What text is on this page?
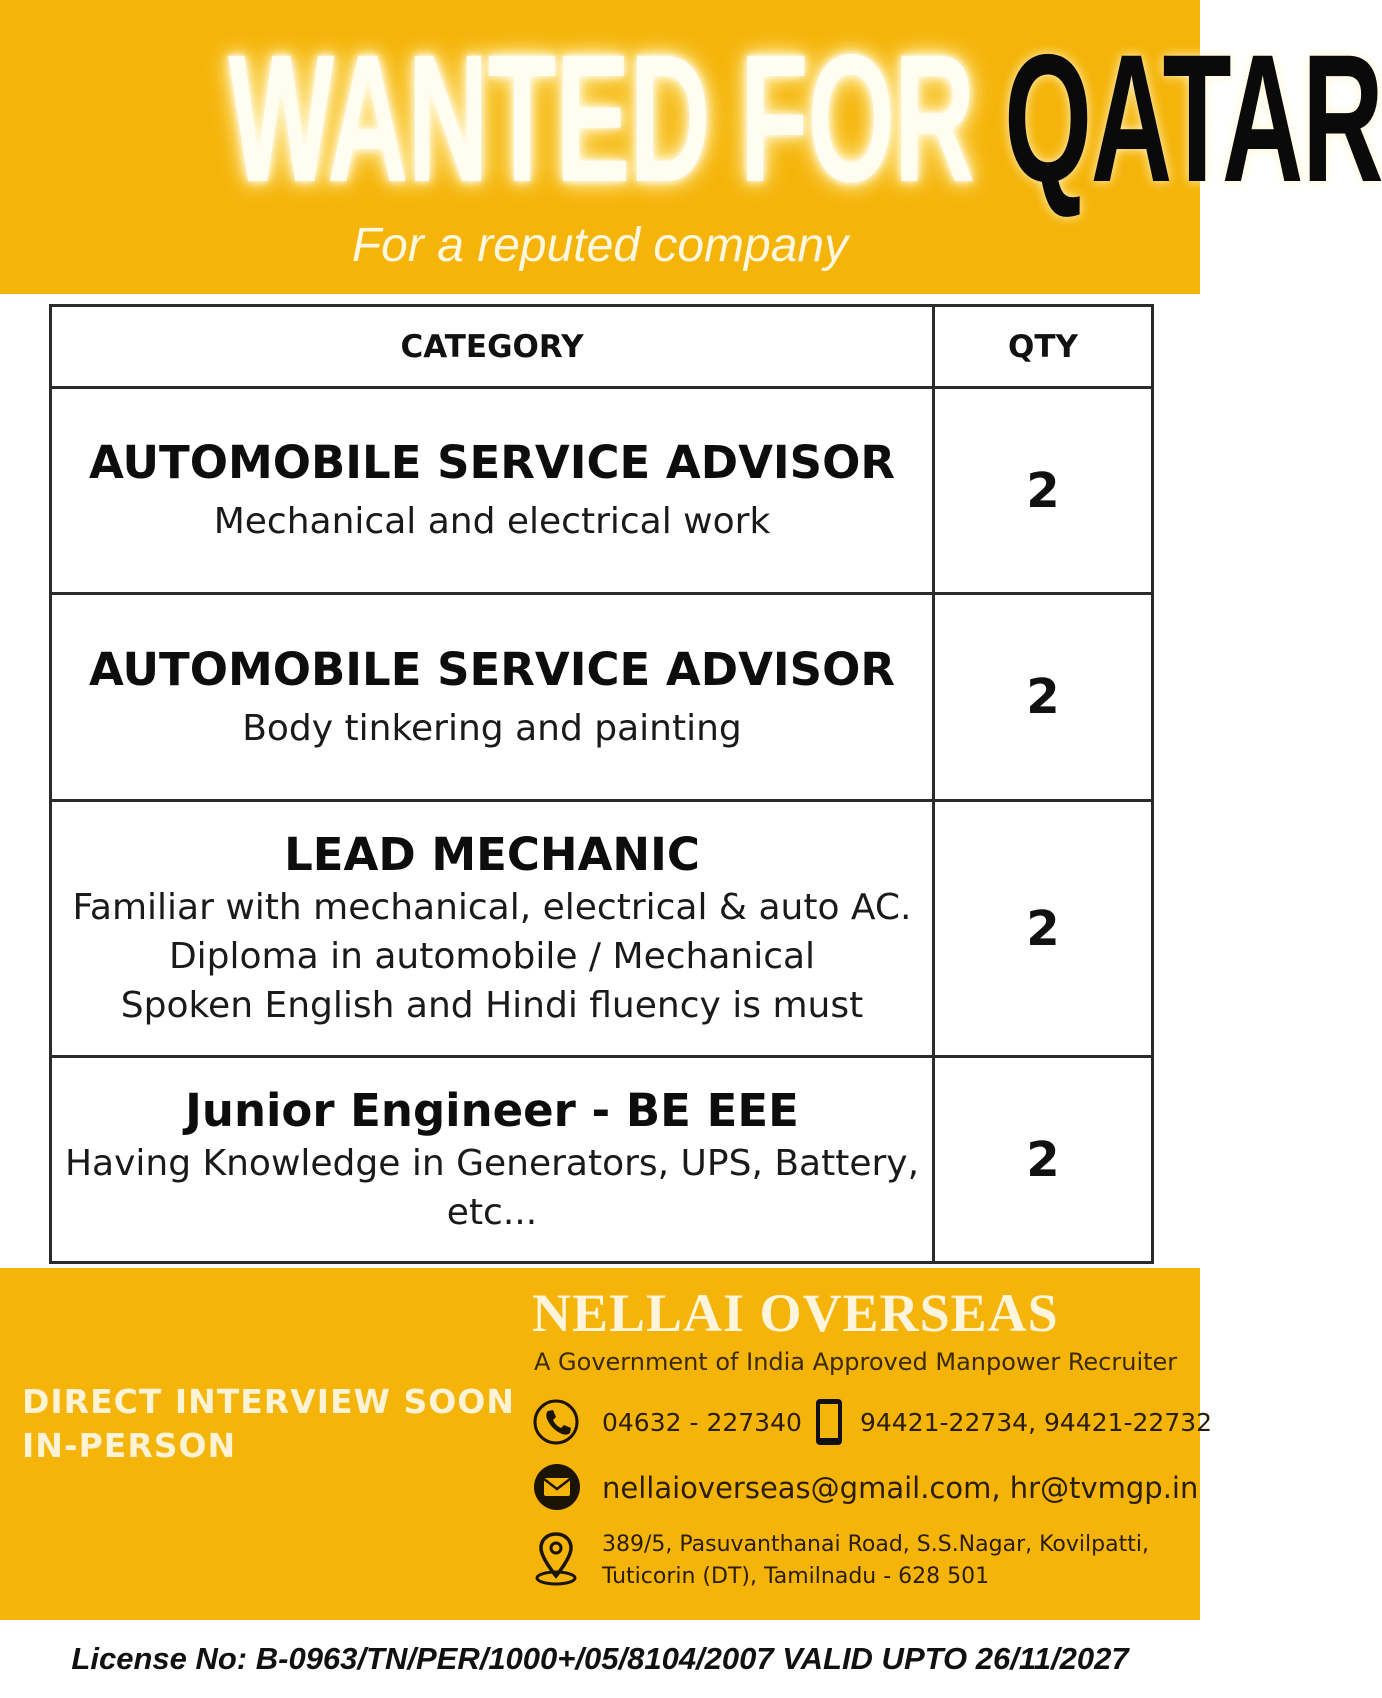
WANTED FOR QATAR
For a reputed company
CATEGORY	QTY

AUTOMOBILE SERVICE ADVISOR
Mechanical and electrical work	2

AUTOMOBILE SERVICE ADVISOR
Body tinkering and painting	2

LEAD MECHANIC
Familiar with mechanical, electrical & auto AC.
Diploma in automobile / Mechanical
Spoken English and Hindi fluency is must	2

Junior Engineer - BE EEE
Having Knowledge in Generators, UPS, Battery,
etc...	2
DIRECT INTERVIEW SOON
IN-PERSON
NELLAI OVERSEAS
A Government of India Approved Manpower Recruiter
04632 - 227340 94421-22734, 94421-22732
nellaioverseas@gmail.com, hr@tvmgp.in
389/5, Pasuvanthanai Road, S.S.Nagar, Kovilpatti,
Tuticorin (DT), Tamilnadu - 628 501
License No: B-0963/TN/PER/1000+/05/8104/2007 VALID UPTO 26/11/2027
